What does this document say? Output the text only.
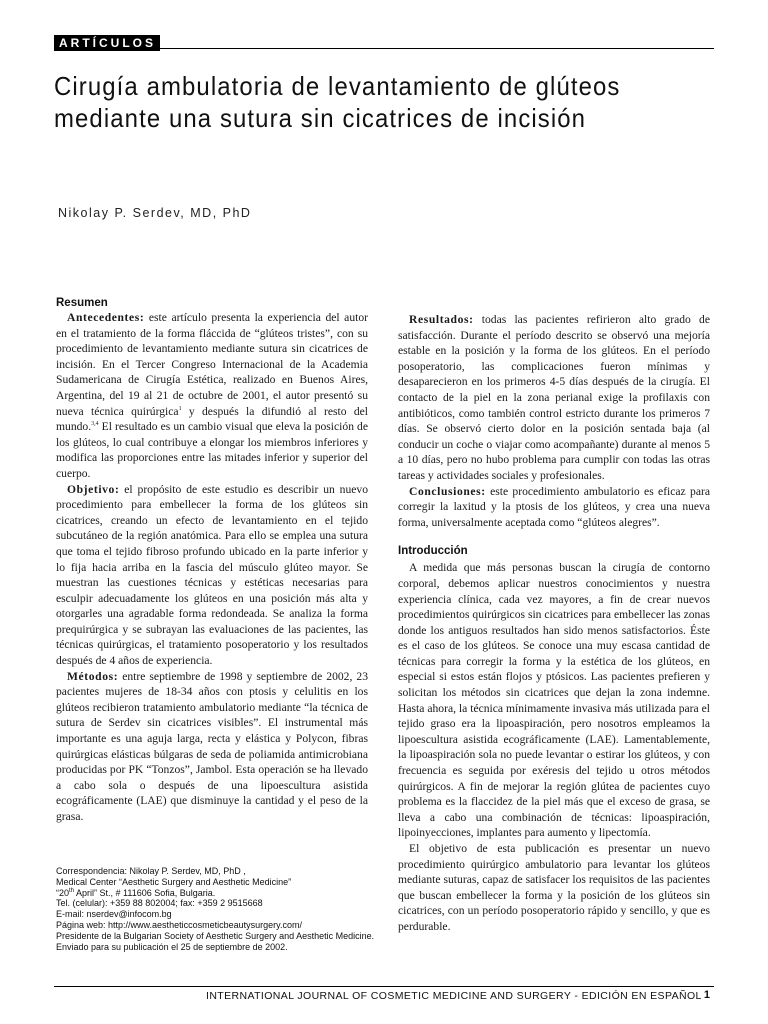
ARTÍCULOS
Cirugía ambulatoria de levantamiento de glúteos mediante una sutura sin cicatrices de incisión
Nikolay P. Serdev, MD, PhD
Resumen

Antecedentes: este artículo presenta la experiencia del autor en el tratamiento de la forma fláccida de “glúteos tristes”, con su procedimiento de levantamiento mediante sutura sin cicatrices de incisión. En el Tercer Congreso Internacional de la Academia Sudamericana de Cirugía Estética, realizado en Buenos Aires, Argentina, del 19 al 21 de octubre de 2001, el autor presentó su nueva técnica quirúrgica$^1$ y después la difundió al resto del mundo.$^{3,4}$ El resultado es un cambio visual que eleva la posición de los glúteos, lo cual contribuye a elongar los miembros inferiores y modifica las proporciones entre las mitades inferior y superior del cuerpo.

Objetivo: el propósito de este estudio es describir un nuevo procedimiento para embellecer la forma de los glúteos sin cicatrices, creando un efecto de levantamiento en el tejido subcutáneo de la región anatómica. Para ello se emplea una sutura que toma el tejido fibroso profundo ubicado en la parte inferior y lo fija hacia arriba en la fascia del músculo glúteo mayor. Se muestran las cuestiones técnicas y estéticas necesarias para esculpir adecuadamente los glúteos en una posición más alta y otorgarles una agradable forma redondeada. Se analiza la forma prequirúrgica y se subrayan las evaluaciones de las pacientes, las técnicas quirúrgicas, el tratamiento posoperatorio y los resultados después de 4 años de experiencia.

Métodos: entre septiembre de 1998 y septiembre de 2002, 23 pacientes mujeres de 18-34 años con ptosis y celulitis en los glúteos recibieron tratamiento ambulatorio mediante “la técnica de sutura de Serdev sin cicatrices visibles”. El instrumental más importante es una aguja larga, recta y elástica y Polycon, fibras quirúrgicas elásticas búlgaras de seda de poliamida antimicrobiana producidas por PK “Tonzos”, Jambol. Esta operación se ha llevado a cabo sola o después de una lipoescultura asistida ecográficamente (LAE) que disminuye la cantidad y el peso de la grasa.

Resultados: todas las pacientes refirieron alto grado de satisfacción. Durante el período descrito se observó una mejoría estable en la posición y la forma de los glúteos. En el período posoperatorio, las complicaciones fueron mínimas y desaparecieron en los primeros 4-5 días después de la cirugía. El contacto de la piel en la zona perianal exige la profilaxis con antibióticos, como también control estricto durante los primeros 7 días. Se observó cierto dolor en la posición sentada baja (al conducir un coche o viajar como acompañante) durante al menos 5 a 10 días, pero no hubo problema para cumplir con todas las otras tareas y actividades sociales y profesionales.

Conclusiones: este procedimiento ambulatorio es eficaz para corregir la laxitud y la ptosis de los glúteos, y crea una nueva forma, universalmente aceptada como “glúteos alegres”.

Introducción

A medida que más personas buscan la cirugía de contorno corporal, debemos aplicar nuestros conocimientos y nuestra experiencia clínica, cada vez mayores, a fin de crear nuevos procedimientos quirúrgicos sin cicatrices para embellecer las zonas donde los antiguos resultados han sido menos satisfactorios. Éste es el caso de los glúteos. Se conoce una muy escasa cantidad de técnicas para corregir la forma y la estética de los glúteos, en especial si estos están flojos y ptósicos. Las pacientes prefieren y solicitan los métodos sin cicatrices que dejan la zona indemne. Hasta ahora, la técnica mínimamente invasiva más utilizada para el tejido graso era la lipoaspiración, pero nosotros empleamos la lipoescultura asistida ecográficamente (LAE). Lamentablemente, la lipoaspiración sola no puede levantar o estirar los glúteos, y con frecuencia es seguida por exéresis del tejido u otros métodos quirúrgicos. A fin de mejorar la región glútea de pacientes cuyo problema es la flaccidez de la piel más que el exceso de grasa, se lleva a cabo una combinación de técnicas: lipoaspiración, lipoinyecciones, implantes para aumento y lipectomía.

El objetivo de esta publicación es presentar un nuevo procedimiento quirúrgico ambulatorio para levantar los glúteos mediante suturas, capaz de satisfacer los requisitos de las pacientes que buscan embellecer la forma y la posición de los glúteos sin cicatrices, con un período posoperatorio rápido y sencillo, y que es perdurable.

Correspondencia: Nikolay P. Serdev, MD, PhD ,
Medical Center “Aesthetic Surgery and Aesthetic Medicine”
“20th April” St., # 111606 Sofia, Bulgaria.
Tel. (celular): +359 88 802004; fax: +359 2 9515668
E-mail: nserdev@infocom.bg
Página web: http://www.aestheticcosmeticbeautysurgery.com/
Presidente de la Bulgarian Society of Aesthetic Surgery and Aesthetic Medicine.
Enviado para su publicación el 25 de septiembre de 2002.
INTERNATIONAL JOURNAL OF COSMETIC MEDICINE AND SURGERY - EDICIÓN EN ESPAÑOL 1
